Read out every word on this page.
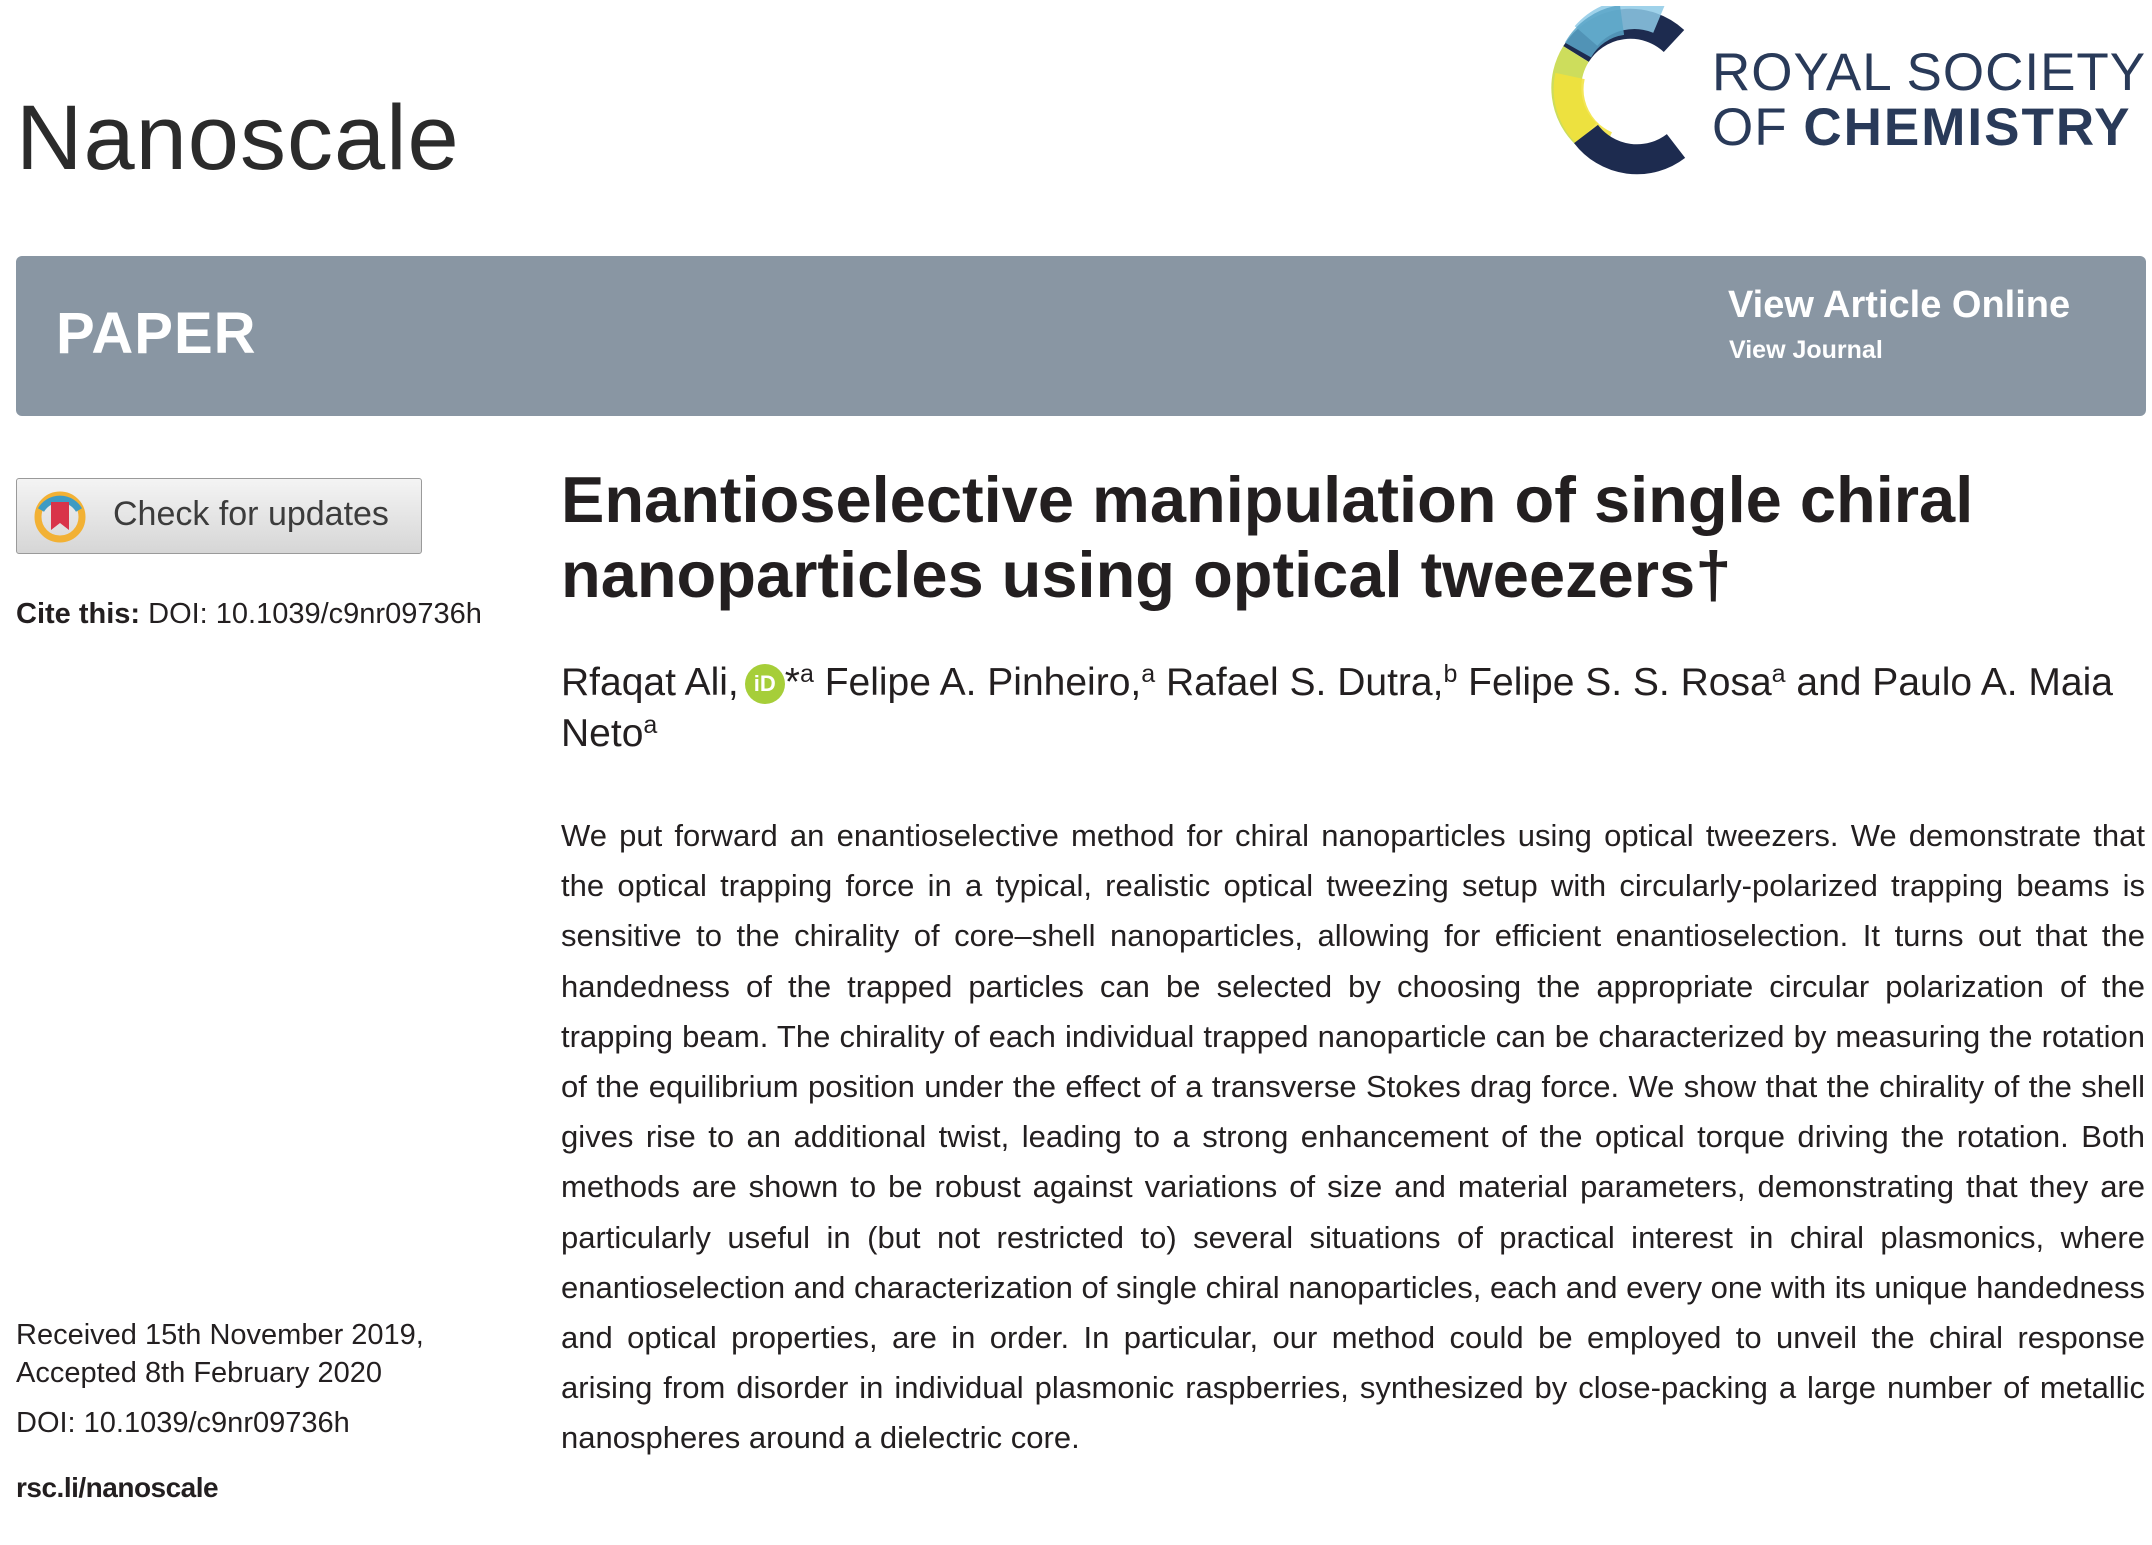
Nanoscale
ROYAL SOCIETY
OF CHEMISTRY
PAPER	View Article Online
View Journal
Check for updates
Cite this: DOI: 10.1039/c9nr09736h
Enantioselective manipulation of single chiral nanoparticles using optical tweezers†
Rfaqat Ali, iD *$^a$ Felipe A. Pinheiro,$^a$ Rafael S. Dutra,$^b$ Felipe S. S. Rosa$^a$ and Paulo A. Maia Neto$^a$

We put forward an enantioselective method for chiral nanoparticles using optical tweezers. We demonstrate that the optical trapping force in a typical, realistic optical tweezing setup with circularly-polarized trapping beams is sensitive to the chirality of core–shell nanoparticles, allowing for efficient enantioselection. It turns out that the handedness of the trapped particles can be selected by choosing the appropriate circular polarization of the trapping beam. The chirality of each individual trapped nanoparticle can be characterized by measuring the rotation of the equilibrium position under the effect of a transverse Stokes drag force. We show that the chirality of the shell gives rise to an additional twist, leading to a strong enhancement of the optical torque driving the rotation. Both methods are shown to be robust against variations of size and material parameters, demonstrating that they are particularly useful in (but not restricted to) several situations of practical interest in chiral plasmonics, where enantioselection and characterization of single chiral nanoparticles, each and every one with its unique handedness and optical properties, are in order. In particular, our method could be employed to unveil the chiral response arising from disorder in individual plasmonic raspberries, synthesized by close-packing a large number of metallic nanospheres around a dielectric core.

Received 15th November 2019,
Accepted 8th February 2020
DOI: 10.1039/c9nr09736h
rsc.li/nanoscale
